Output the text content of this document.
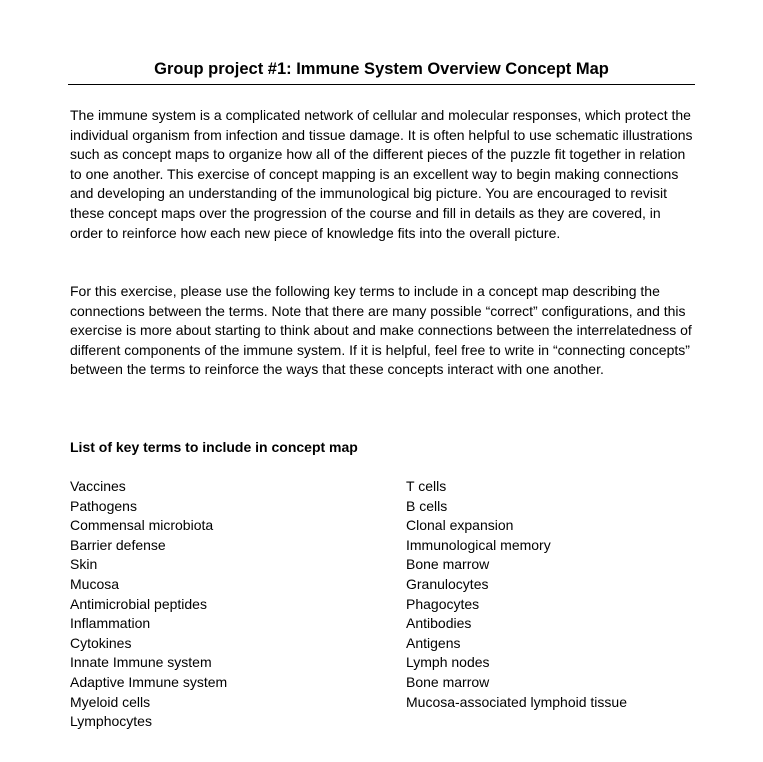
Group project #1: Immune System Overview Concept Map

The immune system is a complicated network of cellular and molecular responses, which protect the individual organism from infection and tissue damage. It is often helpful to use schematic illustrations such as concept maps to organize how all of the different pieces of the puzzle fit together in relation to one another. This exercise of concept mapping is an excellent way to begin making connections and developing an understanding of the immunological big picture. You are encouraged to revisit these concept maps over the progression of the course and fill in details as they are covered, in order to reinforce how each new piece of knowledge fits into the overall picture.

For this exercise, please use the following key terms to include in a concept map describing the connections between the terms. Note that there are many possible “correct” configurations, and this exercise is more about starting to think about and make connections between the interrelatedness of different components of the immune system. If it is helpful, feel free to write in “connecting concepts” between the terms to reinforce the ways that these concepts interact with one another.

List of key terms to include in concept map
Vaccines
Pathogens
Commensal microbiota
Barrier defense
Skin
Mucosa
Antimicrobial peptides
Inflammation
Cytokines
Innate Immune system
Adaptive Immune system
Myeloid cells
Lymphocytes
T cells
B cells
Clonal expansion
Immunological memory
Bone marrow
Granulocytes
Phagocytes
Antibodies
Antigens
Lymph nodes
Bone marrow
Mucosa-associated lymphoid tissue
